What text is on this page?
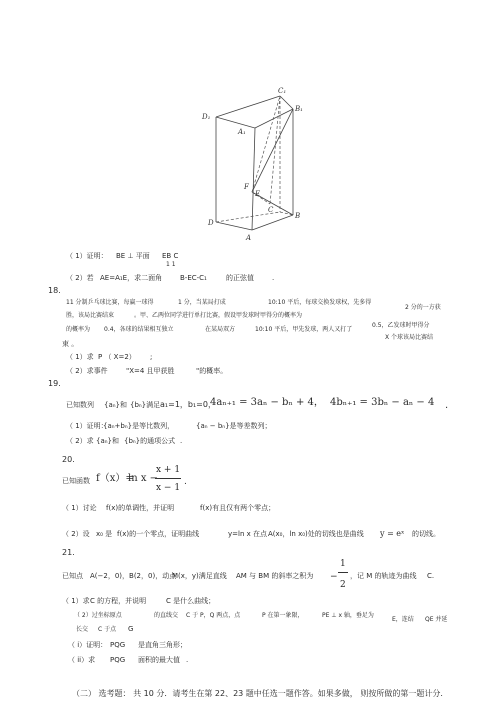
C₁
D₁
A₁
B₁
F
E
D
C
B
A
（ 1）证明： BE ⊥ 平面 EB C
1 1
（ 2）若 AE=A₁E，求二面角	B-EC-C₁	的正弦值	.
18.
11 分制乒乓球比赛，每赢一球得	1 分，当某局打成	10:10 平后，每球交换发球权，先多得
2 分的一方获
胜，该局比赛结束	。甲、乙两位同学进行单打比赛，假设甲发球时甲得分的概率为
的概率为 0.4，各球的结果相互独立	在某局双方	10:10 平后，甲先发球，两人又打了
0.5，乙发球时甲得分
X 个球该局比赛结
束 。
（ 1）求 P （ X=2） ;
（ 2）求事件	"X=4 且甲获胜	"的概率。
19.
已知数列 {aₙ}和 {bₙ}满足 a₁=1，b₁=0，
4aₙ₊₁ = 3aₙ − bₙ + 4， 4bₙ₊₁ = 3bₙ − aₙ − 4 .
（ 1）证明：
{aₙ+bₙ}是等比数列，	{aₙ − bₙ}是等差数列；
（ 2）求 {aₙ}和 {bₙ}的通项公式 .
20.
已知函数 f（x）=
ln x −
x + 1
x − 1
.
（ 1）讨论 f(x)的单调性，并证明	f(x)有且仅有两个零点；
（ 2）设 x₀ 是 f(x)的一个零点，证明曲线	y=ln x 在点 A(x₀，ln x₀)处的切线也是曲线 y = eˣ 的切线。
21.
已知点 A(−2，0)，B(2，0)，动点
M(x，y)满足直线 AM 与 BM 的斜率之积为 −
1
2
，记 M 的轨迹为曲线 C.
（ 1）求 C 的方程，并说明	C 是什么曲线；
（ 2）过坐标原点	的直线交 C 于 P，Q 两点，点	P 在第一象限，	PE ⊥ x 轴，垂足为
E，连结 QE 并延
长交 C 于点 G
（ i）证明： PQG 是直角三角形；
（ ii）求 PQG 面积的最大值 .
（二） 选考题： 共 10 分．请考生在第 22、23 题中任选一题作答。如果多做， 则按所做的第一题计分.
